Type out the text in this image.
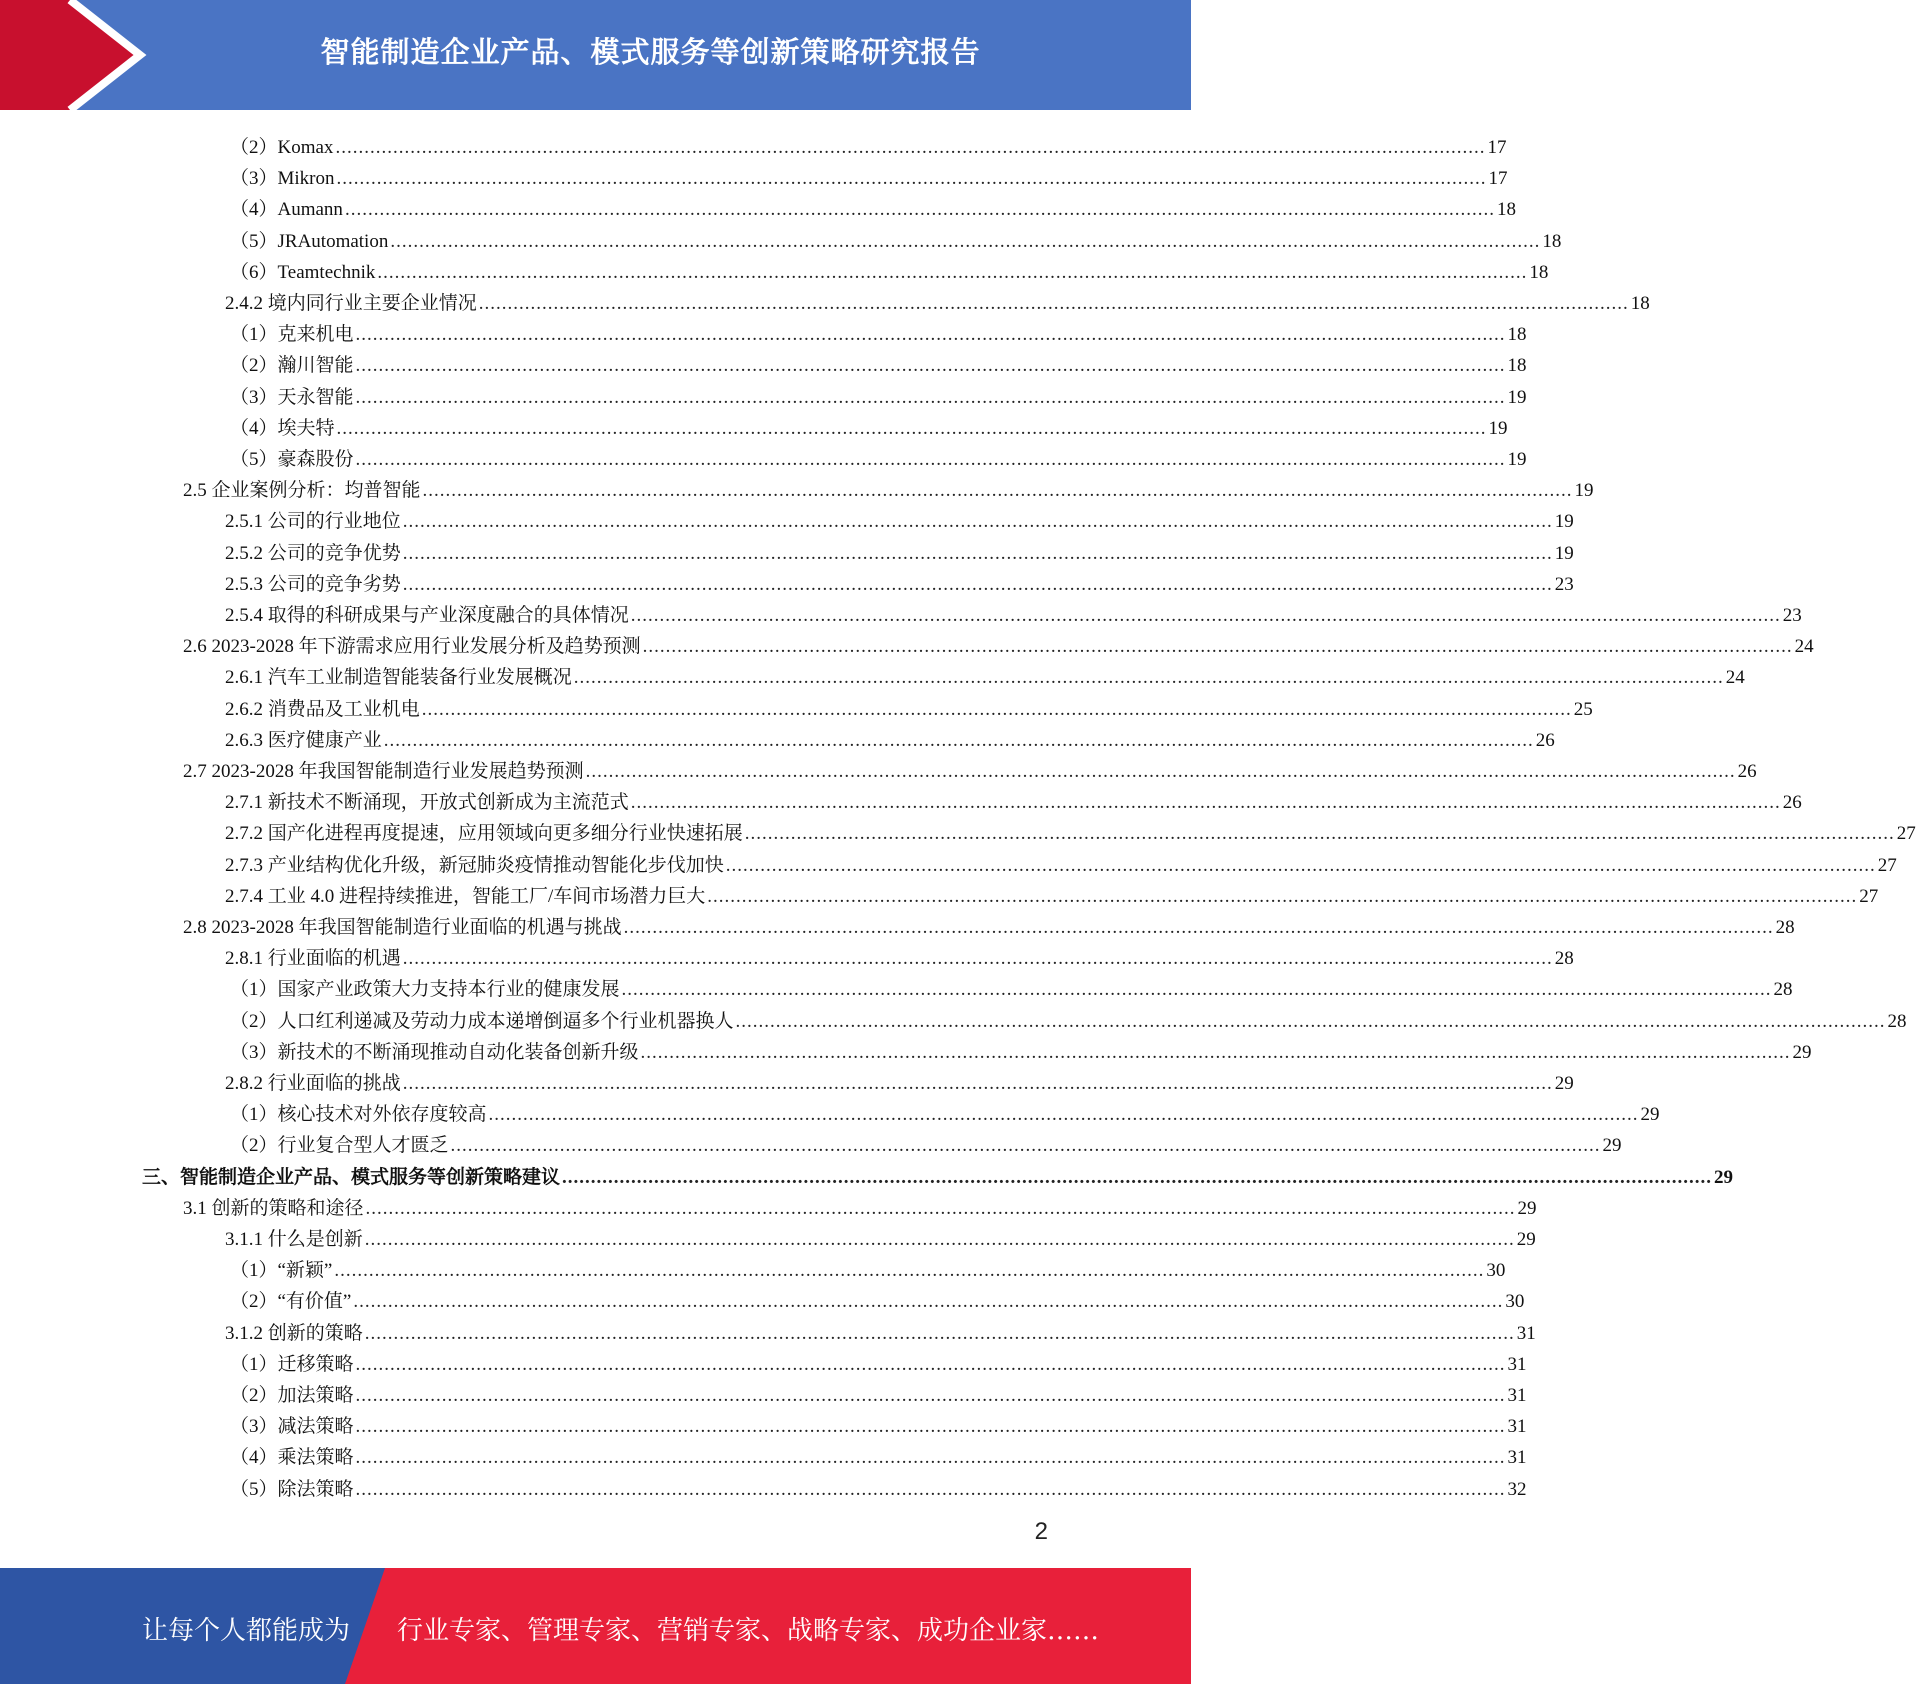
智能制造企业产品、模式服务等创新策略研究报告
（2）Komax ........................................................................................................................................................................................................ 17
（3）Mikron ........................................................................................................................................................................................................ 17
（4）Aumann ........................................................................................................................................................................................................ 18
（5）JRAutomation ........................................................................................................................................................................................................ 18
（6）Teamtechnik ........................................................................................................................................................................................................ 18
2.4.2 境内同行业主要企业情况 ........................................................................................................................................................................................................ 18
（1）克来机电 ........................................................................................................................................................................................................ 18
（2）瀚川智能 ........................................................................................................................................................................................................ 18
（3）天永智能 ........................................................................................................................................................................................................ 19
（4）埃夫特 ........................................................................................................................................................................................................ 19
（5）豪森股份 ........................................................................................................................................................................................................ 19
2.5 企业案例分析：均普智能 ........................................................................................................................................................................................................ 19
2.5.1 公司的行业地位 ........................................................................................................................................................................................................ 19
2.5.2 公司的竞争优势 ........................................................................................................................................................................................................ 19
2.5.3 公司的竞争劣势 ........................................................................................................................................................................................................ 23
2.5.4 取得的科研成果与产业深度融合的具体情况 ........................................................................................................................................................................................................ 23
2.6 2023-2028 年下游需求应用行业发展分析及趋势预测 ........................................................................................................................................................................................................ 24
2.6.1 汽车工业制造智能装备行业发展概况 ........................................................................................................................................................................................................ 24
2.6.2 消费品及工业机电 ........................................................................................................................................................................................................ 25
2.6.3 医疗健康产业 ........................................................................................................................................................................................................ 26
2.7 2023-2028 年我国智能制造行业发展趋势预测 ........................................................................................................................................................................................................ 26
2.7.1 新技术不断涌现，开放式创新成为主流范式 ........................................................................................................................................................................................................ 26
2.7.2 国产化进程再度提速，应用领域向更多细分行业快速拓展 ........................................................................................................................................................................................................ 27
2.7.3 产业结构优化升级，新冠肺炎疫情推动智能化步伐加快 ........................................................................................................................................................................................................ 27
2.7.4 工业 4.0 进程持续推进，智能工厂/车间市场潜力巨大 ........................................................................................................................................................................................................ 27
2.8 2023-2028 年我国智能制造行业面临的机遇与挑战 ........................................................................................................................................................................................................ 28
2.8.1 行业面临的机遇 ........................................................................................................................................................................................................ 28
（1）国家产业政策大力支持本行业的健康发展 ........................................................................................................................................................................................................ 28
（2）人口红利递减及劳动力成本递增倒逼多个行业机器换人 ........................................................................................................................................................................................................ 28
（3）新技术的不断涌现推动自动化装备创新升级 ........................................................................................................................................................................................................ 29
2.8.2 行业面临的挑战 ........................................................................................................................................................................................................ 29
（1）核心技术对外依存度较高 ........................................................................................................................................................................................................ 29
（2）行业复合型人才匮乏 ........................................................................................................................................................................................................ 29
三、智能制造企业产品、模式服务等创新策略建议 ........................................................................................................................................................................................................ 29
3.1 创新的策略和途径 ........................................................................................................................................................................................................ 29
3.1.1 什么是创新 ........................................................................................................................................................................................................ 29
（1）“新颖” ........................................................................................................................................................................................................ 30
（2）“有价值” ........................................................................................................................................................................................................ 30
3.1.2 创新的策略 ........................................................................................................................................................................................................ 31
（1）迁移策略 ........................................................................................................................................................................................................ 31
（2）加法策略 ........................................................................................................................................................................................................ 31
（3）减法策略 ........................................................................................................................................................................................................ 31
（4）乘法策略 ........................................................................................................................................................................................................ 31
（5）除法策略 ........................................................................................................................................................................................................ 32
2
让每个人都能成为 行业专家、管理专家、营销专家、战略专家、成功企业家……
